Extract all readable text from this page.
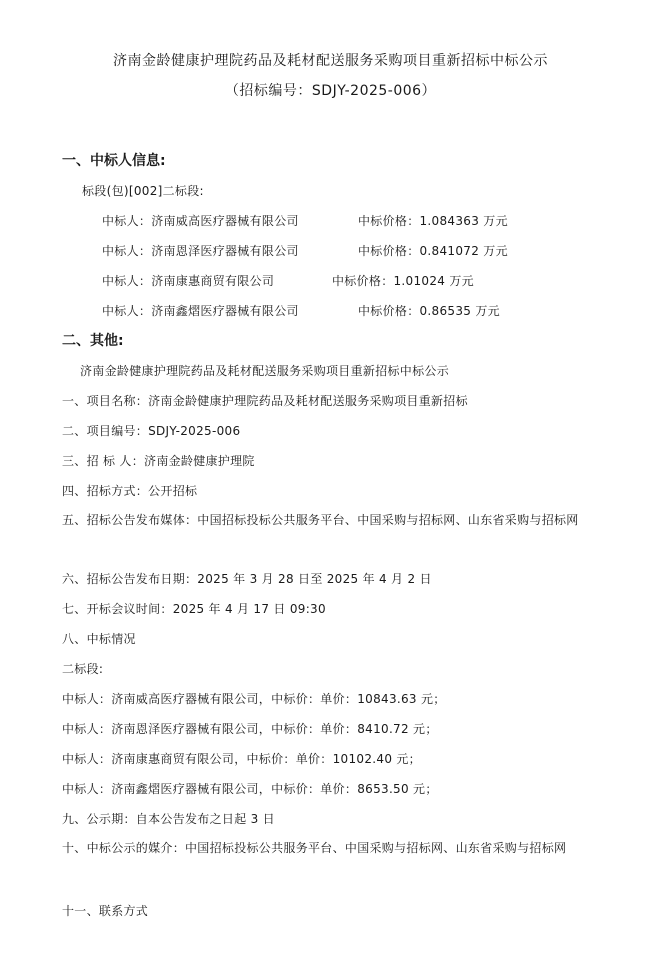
济南金龄健康护理院药品及耗材配送服务采购项目重新招标中标公示
（招标编号：SDJY-2025-006）
一、中标人信息:
标段(包)[002]二标段:
中标人：济南威高医疗器械有限公司	中标价格：1.084363 万元
中标人：济南恩泽医疗器械有限公司	中标价格：0.841072 万元
中标人：济南康惠商贸有限公司	中标价格：1.01024 万元
中标人：济南鑫熠医疗器械有限公司	中标价格：0.86535 万元
二、其他:
济南金龄健康护理院药品及耗材配送服务采购项目重新招标中标公示
一、项目名称：济南金龄健康护理院药品及耗材配送服务采购项目重新招标
二、项目编号：SDJY-2025-006
三、招 标 人：济南金龄健康护理院
四、招标方式：公开招标
五、招标公告发布媒体：中国招标投标公共服务平台、中国采购与招标网、山东省采购与招标网
六、招标公告发布日期：2025 年 3 月 28 日至 2025 年 4 月 2 日
七、开标会议时间：2025 年 4 月 17 日 09:30
八、中标情况
二标段:
中标人：济南威高医疗器械有限公司，中标价：单价：10843.63 元；
中标人：济南恩泽医疗器械有限公司，中标价：单价：8410.72 元；
中标人：济南康惠商贸有限公司，中标价：单价：10102.40 元；
中标人：济南鑫熠医疗器械有限公司，中标价：单价：8653.50 元；
九、公示期：自本公告发布之日起 3 日
十、中标公示的媒介：中国招标投标公共服务平台、中国采购与招标网、山东省采购与招标网
十一、联系方式
